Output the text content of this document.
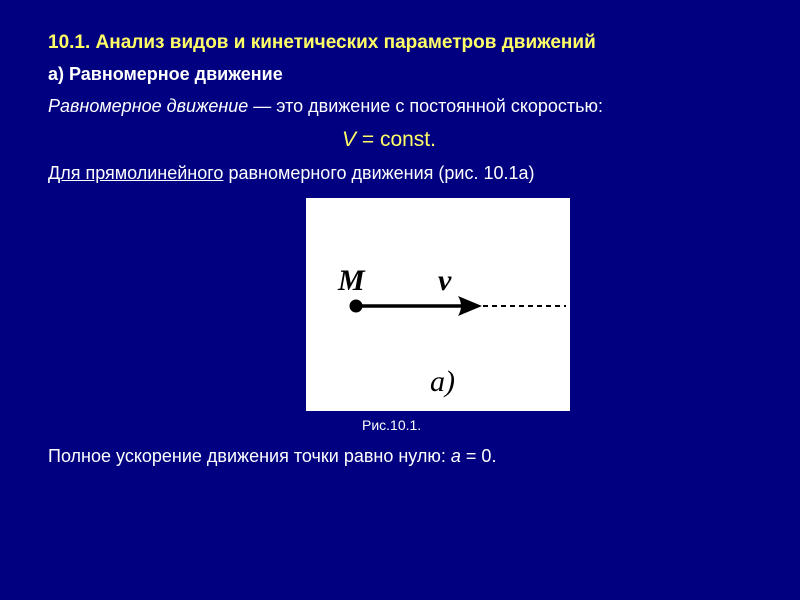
10.1. Анализ видов и кинетических параметров движений
а) Равномерное движение
Равномерное движение — это движение с постоянной скоростью:
V = const.
Для прямолинейного равномерного движения (рис. 10.1а)
M v
a)
Рис.10.1.
Полное ускорение движения точки равно нулю: a = 0.
